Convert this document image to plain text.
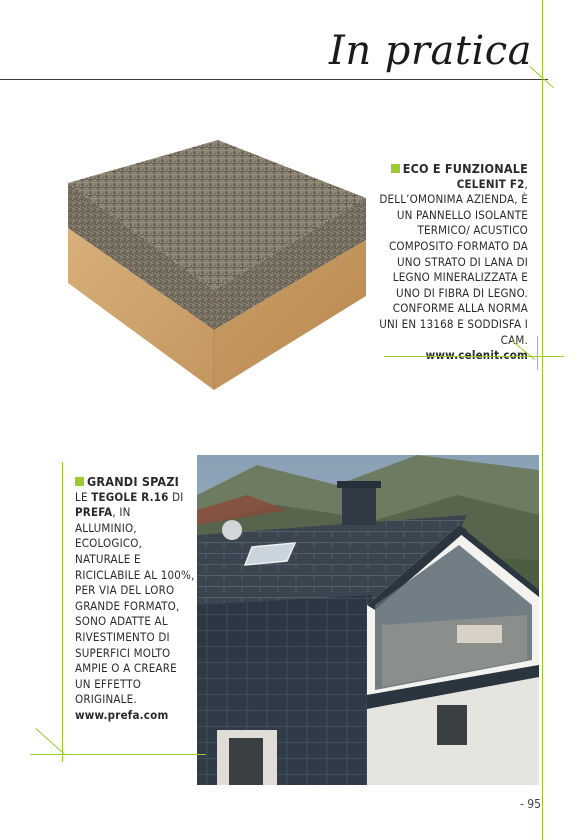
In pratica
ECO E FUNZIONALE
CELENIT F2, DELL’OMONIMA AZIENDA, È UN PANNELLO ISOLANTE TERMICO/ ACUSTICO COMPOSITO FORMATO DA UNO STRATO DI LANA DI LEGNO MINERALIZZATA E UNO DI FIBRA DI LEGNO. CONFORME ALLA NORMA UNI EN 13168 E SODDISFA I CAM.
GRANDI SPAZI
LE TEGOLE R.16 DI PREFA, IN ALLUMINIO, ECOLOGICO, NATURALE E RICICLABILE AL 100%, PER VIA DEL LORO GRANDE FORMATO, SONO ADATTE AL RIVESTIMENTO DI SUPERFICI MOLTO AMPIE O A CREARE UN EFFETTO ORIGINALE.
www.prefa.com
- 95
